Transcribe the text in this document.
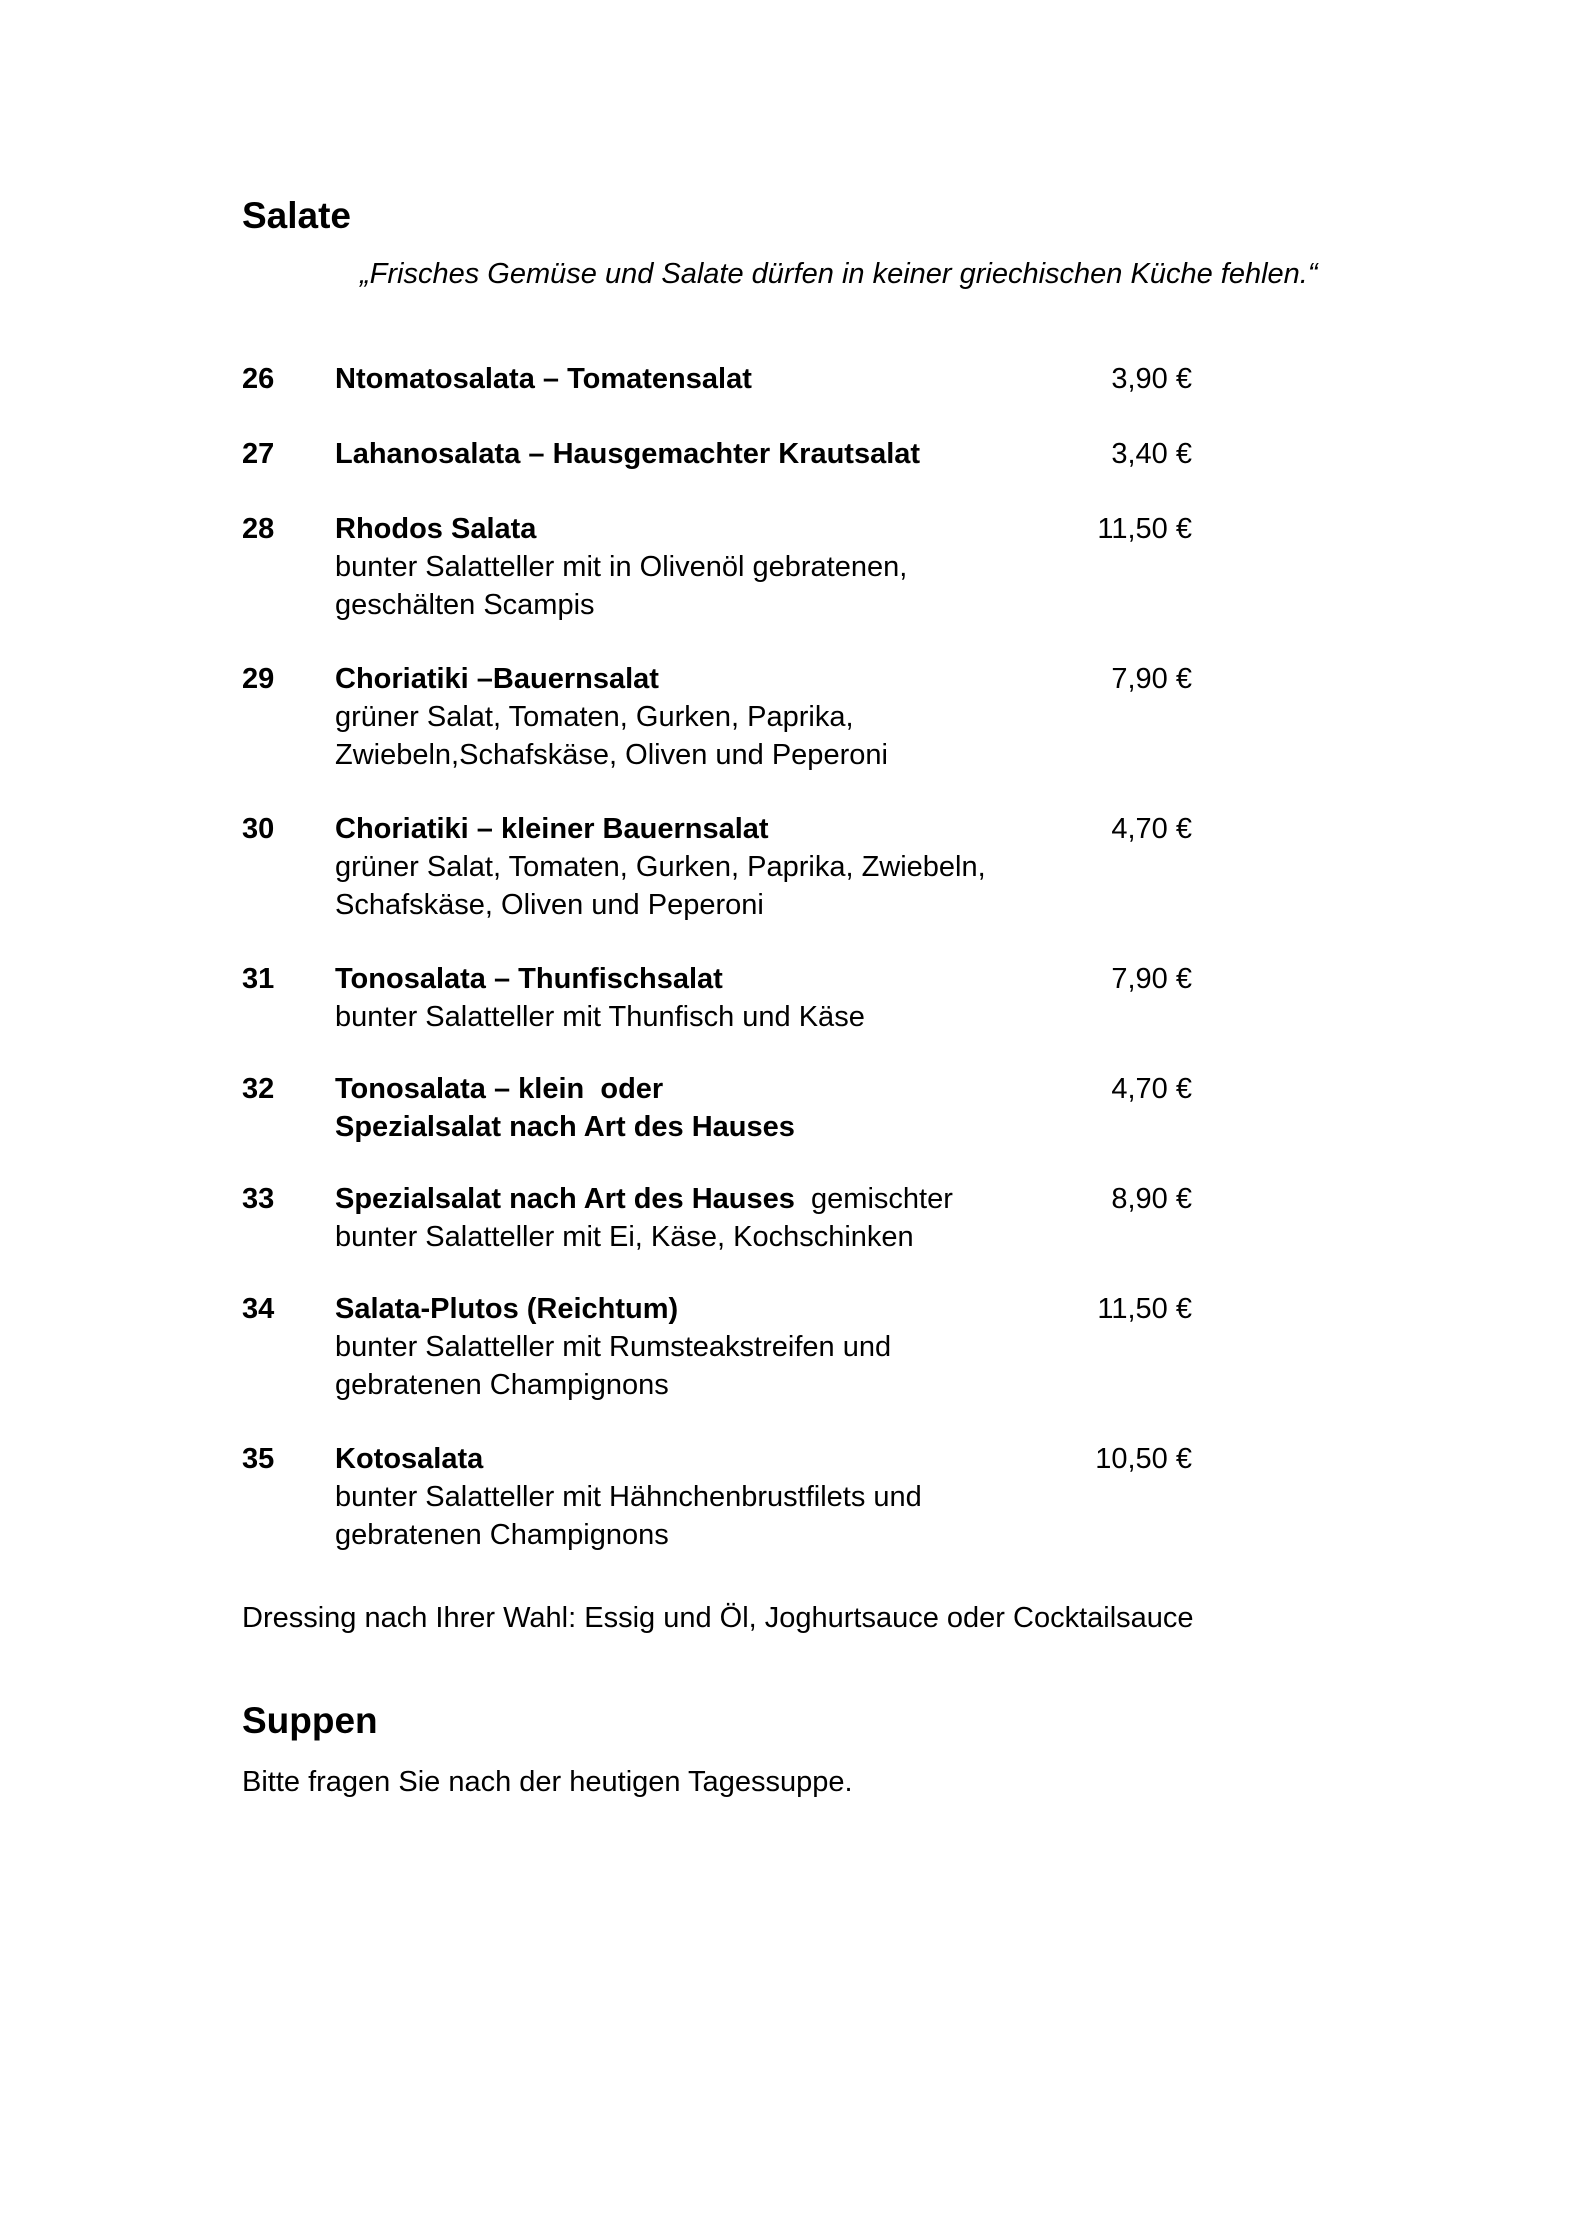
Salate
„Frisches Gemüse und Salate dürfen in keiner griechischen Küche fehlen.“
26 Ntomatosalata – Tomatensalat	3,90 €
27 Lahanosalata – Hausgemachter Krautsalat	3,40 €
28 Rhodos Salata	11,50 €
bunter Salatteller mit in Olivenöl gebratenen,
geschälten Scampis
29 Choriatiki –Bauernsalat	7,90 €
grüner Salat, Tomaten, Gurken, Paprika,
Zwiebeln,Schafskäse, Oliven und Peperoni
30 Choriatiki – kleiner Bauernsalat	4,70 €
grüner Salat, Tomaten, Gurken, Paprika, Zwiebeln,
Schafskäse, Oliven und Peperoni
31 Tonosalata – Thunfischsalat	7,90 €
bunter Salatteller mit Thunfisch und Käse
32 Tonosalata – klein  oder	4,70 €
Spezialsalat nach Art des Hauses
33 Spezialsalat nach Art des Hauses gemischter	8,90 €
bunter Salatteller mit Ei, Käse, Kochschinken
34 Salata-Plutos (Reichtum)	11,50 €
bunter Salatteller mit Rumsteakstreifen und
gebratenen Champignons
35 Kotosalata	10,50 €
bunter Salatteller mit Hähnchenbrustfilets und
gebratenen Champignons
Dressing nach Ihrer Wahl: Essig und Öl, Joghurtsauce oder Cocktailsauce
Suppen
Bitte fragen Sie nach der heutigen Tagessuppe.
